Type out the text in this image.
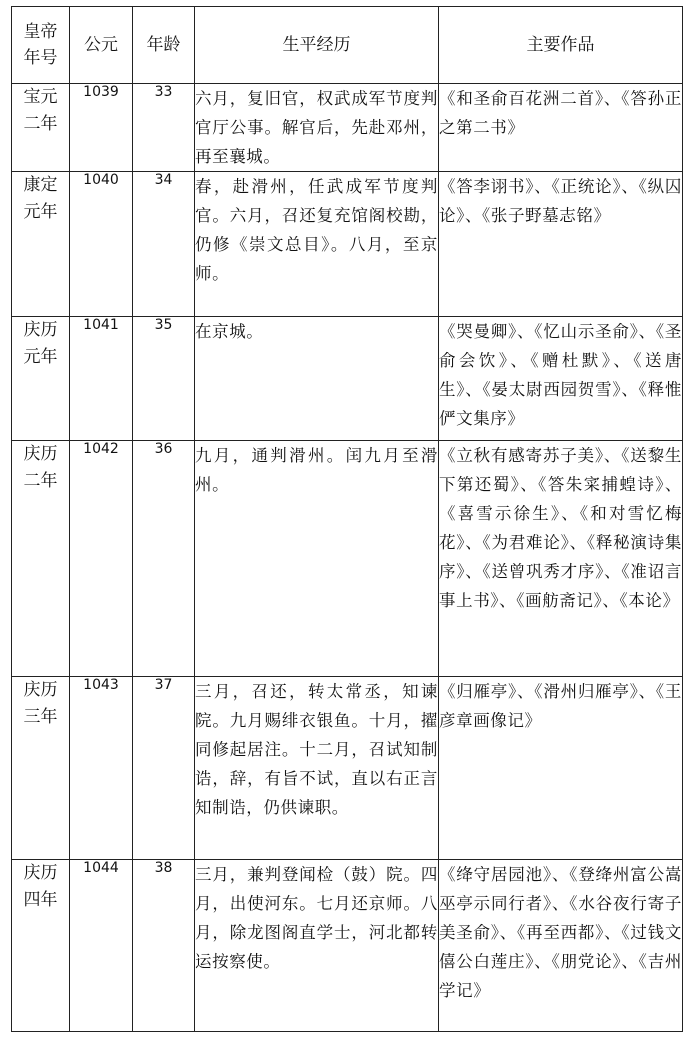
皇帝年号	公元	年龄	生平经历	主要作品
宝元二年	1039	33	六月，复旧官，权武成军节度判官厅公事。解官后，先赴邓州，再至襄城。	《和圣俞百花洲二首》、《答孙正之第二书》
康定元年	1040	34	春，赴滑州，任武成军节度判官。六月，召还复充馆阁校勘，仍修《崇文总目》。八月，至京师。	《答李诩书》、《正统论》、《纵囚论》、《张子野墓志铭》
庆历元年	1041	35	在京城。	《哭曼卿》、《忆山示圣俞》、《圣俞会饮》、《赠杜默》、《送唐生》、《晏太尉西园贺雪》、《释惟俨文集序》
庆历二年	1042	36	九月，通判滑州。闰九月至滑州。	《立秋有感寄苏子美》、《送黎生下第还蜀》、《答朱寀捕蝗诗》、《喜雪示徐生》、《和对雪忆梅花》、《为君难论》、《释秘演诗集序》、《送曾巩秀才序》、《准诏言事上书》、《画舫斋记》、《本论》
庆历三年	1043	37	三月，召还，转太常丞，知谏院。九月赐绯衣银鱼。十月，擢同修起居注。十二月，召试知制诰，辞，有旨不试，直以右正言知制诰，仍供谏职。	《归雁亭》、《滑州归雁亭》、《王彦章画像记》
庆历四年	1044	38	三月，兼判登闻检（鼓）院。四月，出使河东。七月还京师。八月，除龙图阁直学士，河北都转运按察使。	《绛守居园池》、《登绛州富公嵩巫亭示同行者》、《水谷夜行寄子美圣俞》、《再至西都》、《过钱文僖公白莲庄》、《朋党论》、《吉州学记》
